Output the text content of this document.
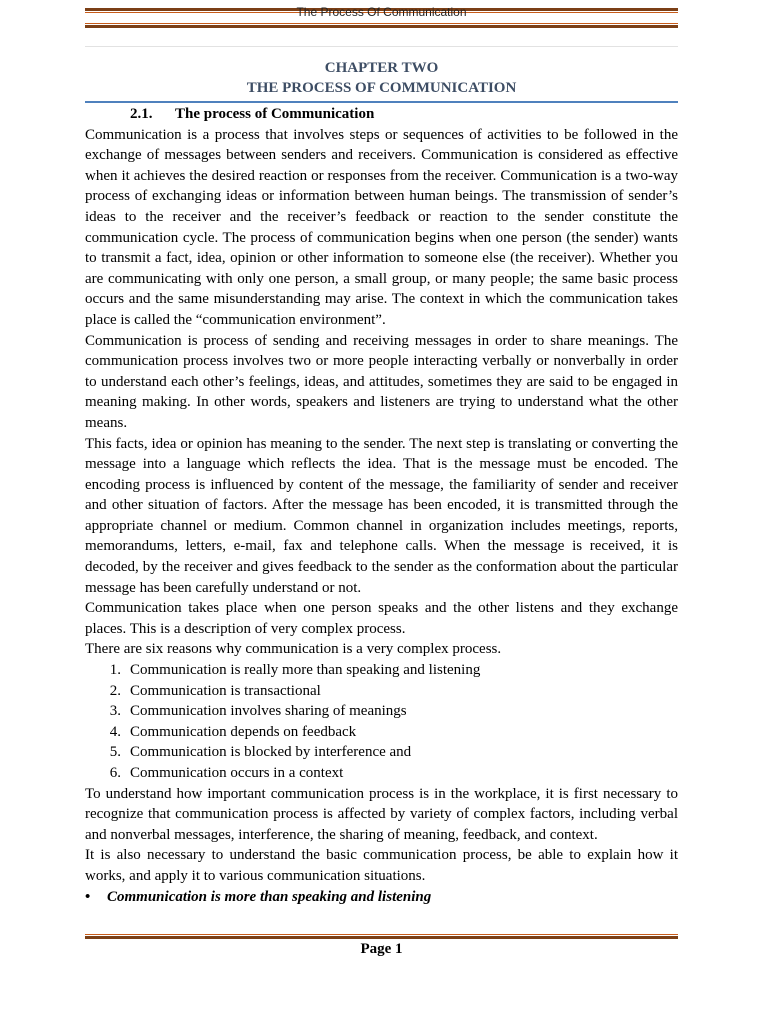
The Process Of Communication
CHAPTER TWO
THE PROCESS OF COMMUNICATION
2.1. The process of Communication

Communication is a process that involves steps or sequences of activities to be followed in the exchange of messages between senders and receivers. Communication is considered as effective when it achieves the desired reaction or responses from the receiver. Communication is a two-way process of exchanging ideas or information between human beings. The transmission of sender’s ideas to the receiver and the receiver’s feedback or reaction to the sender constitute the communication cycle. The process of communication begins when one person (the sender) wants to transmit a fact, idea, opinion or other information to someone else (the receiver). Whether you are communicating with only one person, a small group, or many people; the same basic process occurs and the same misunderstanding may arise. The context in which the communication takes place is called the “communication environment”.

Communication is process of sending and receiving messages in order to share meanings. The communication process involves two or more people interacting verbally or nonverbally in order to understand each other’s feelings, ideas, and attitudes, sometimes they are said to be engaged in meaning making. In other words, speakers and listeners are trying to understand what the other means.

This facts, idea or opinion has meaning to the sender. The next step is translating or converting the message into a language which reflects the idea. That is the message must be encoded. The encoding process is influenced by content of the message, the familiarity of sender and receiver and other situation of factors. After the message has been encoded, it is transmitted through the appropriate channel or medium. Common channel in organization includes meetings, reports, memorandums, letters, e-mail, fax and telephone calls. When the message is received, it is decoded, by the receiver and gives feedback to the sender as the conformation about the particular message has been carefully understand or not.

Communication takes place when one person speaks and the other listens and they exchange places. This is a description of very complex process.

There are six reasons why communication is a very complex process.

1. Communication is really more than speaking and listening
2. Communication is transactional
3. Communication involves sharing of meanings
4. Communication depends on feedback
5. Communication is blocked by interference and
6. Communication occurs in a context

To understand how important communication process is in the workplace, it is first necessary to recognize that communication process is affected by variety of complex factors, including verbal and nonverbal messages, interference, the sharing of meaning, feedback, and context.

It is also necessary to understand the basic communication process, be able to explain how it works, and apply it to various communication situations.

•	Communication is more than speaking and listening
Page 1
